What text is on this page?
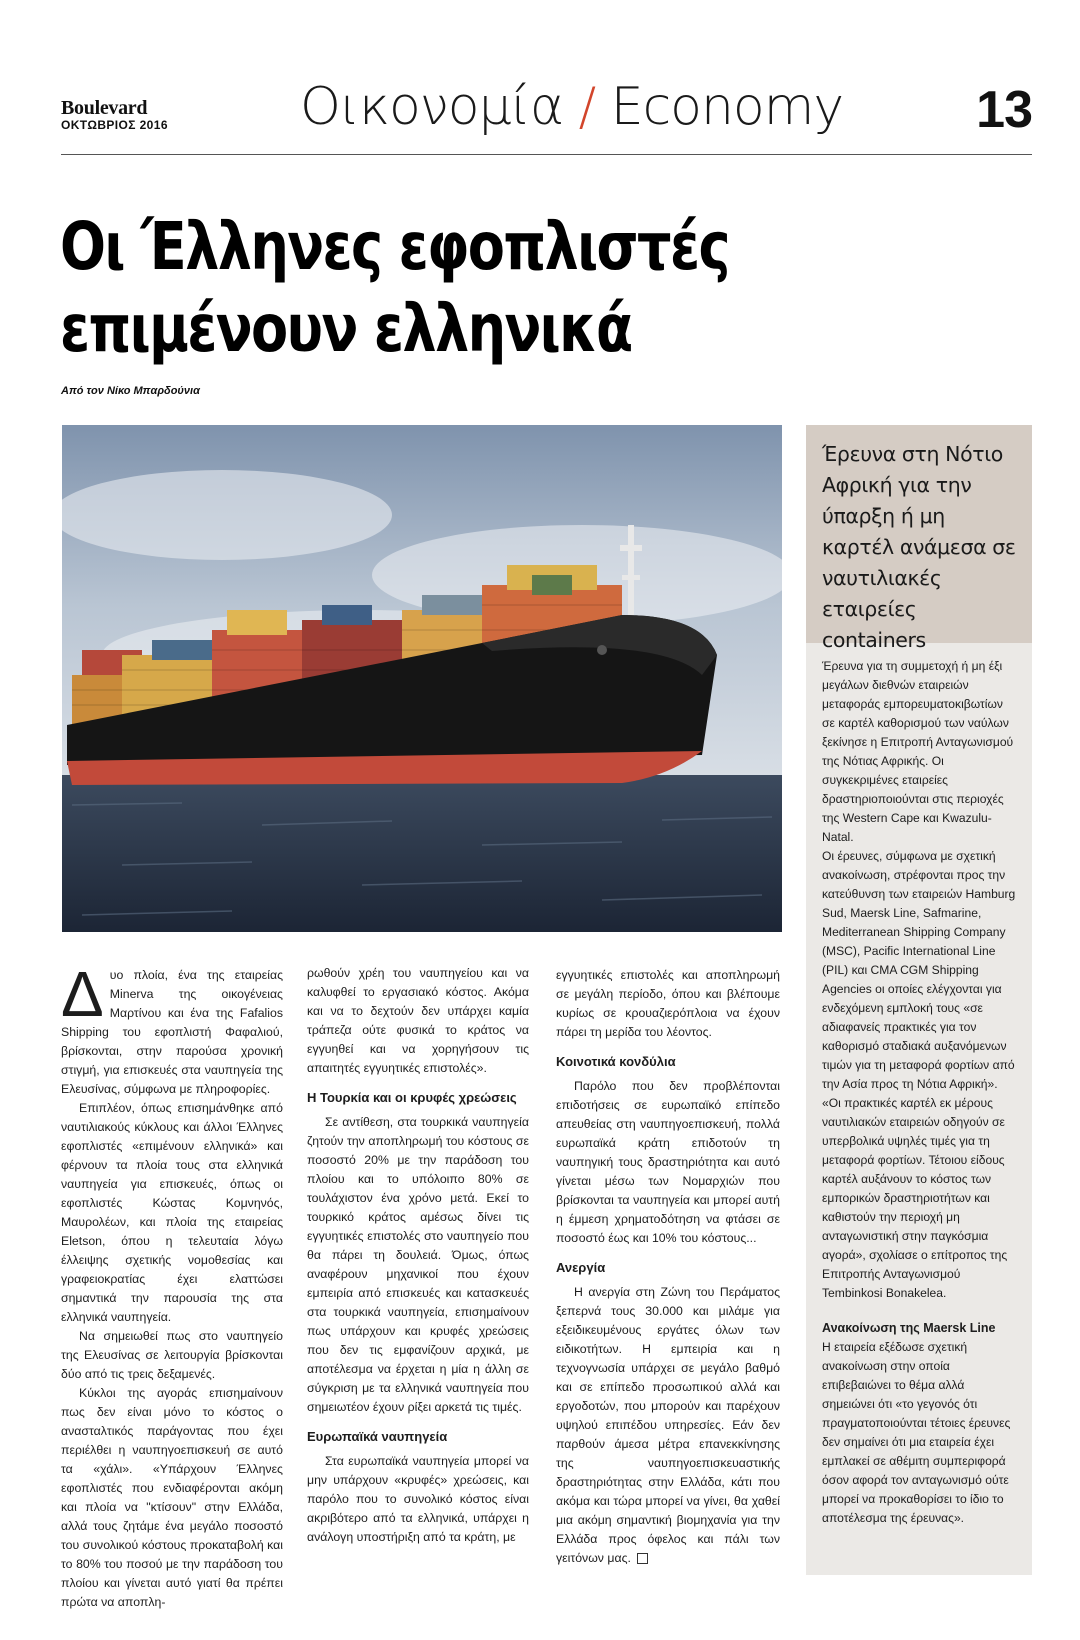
Boulevard
ΟΚΤΩΒΡΙΟΣ 2016	Οικονομία / Economy	13
Οι Έλληνες εφοπλιστές
επιμένουν ελληνικά
Από τον Νίκο Μπαρδούνια

Δυο πλοία, ένα της εταιρείας Minerva της οικογένειας Μαρτίνου και ένα της Fafalios Shipping του εφοπλιστή Φαφαλιού, βρίσκονται, στην παρούσα χρονική στιγμή, για επισκευές στα ναυπηγεία της Ελευσίνας, σύμφωνα με πληροφορίες.

Επιπλέον, όπως επισημάνθηκε από ναυτιλιακούς κύκλους και άλλοι Έλληνες εφοπλιστές «επιμένουν ελληνικά» και φέρνουν τα πλοία τους στα ελληνικά ναυπηγεία για επισκευές, όπως οι εφοπλιστές Κώστας Κομνηνός, Μαυρολέων, και πλοία της εταιρείας Eletson, όπου η τελευταία λόγω έλλειψης σχετικής νομοθεσίας και γραφειοκρατίας έχει ελαττώσει σημαντικά την παρουσία της στα ελληνικά ναυπηγεία.

Να σημειωθεί πως στο ναυπηγείο της Ελευσίνας σε λειτουργία βρίσκονται δύο από τις τρεις δεξαμενές.

Κύκλοι της αγοράς επισημαίνουν πως δεν είναι μόνο το κόστος ο ανασταλτικός παράγοντας που έχει περιέλθει η ναυπηγοεπισκευή σε αυτό τα «χάλι». «Υπάρχουν Έλληνες εφοπλιστές που ενδιαφέρονται ακόμη και πλοία να "κτίσουν" στην Ελλάδα, αλλά τους ζητάμε ένα μεγάλο ποσοστό του συνολικού κόστους προκαταβολή και το 80% του ποσού με την παράδοση του πλοίου και γίνεται αυτό γιατί θα πρέπει πρώτα να αποπλη-

ρωθούν χρέη του ναυπηγείου και να καλυφθεί το εργασιακό κόστος. Ακόμα και να το δεχτούν δεν υπάρχει καμία τράπεζα ούτε φυσικά το κράτος να εγγυηθεί και να χορηγήσουν τις απαιτητές εγγυητικές επιστολές».

Η Τουρκία και οι κρυφές χρεώσεις

Σε αντίθεση, στα τουρκικά ναυπηγεία ζητούν την αποπληρωμή του κόστους σε ποσοστό 20% με την παράδοση του πλοίου και το υπόλοιπο 80% σε τουλάχιστον ένα χρόνο μετά. Εκεί το τουρκικό κράτος αμέσως δίνει τις εγγυητικές επιστολές στο ναυπηγείο που θα πάρει τη δουλειά. Όμως, όπως αναφέρουν μηχανικοί που έχουν εμπειρία από επισκευές και κατασκευές στα τουρκικά ναυπηγεία, επισημαίνουν πως υπάρχουν και κρυφές χρεώσεις που δεν τις εμφανίζουν αρχικά, με αποτέλεσμα να έρχεται η μία η άλλη σε σύγκριση με τα ελληνικά ναυπηγεία που σημειωτέον έχουν ρίξει αρκετά τις τιμές.

Ευρωπαϊκά ναυπηγεία

Στα ευρωπαϊκά ναυπηγεία μπορεί να μην υπάρχουν «κρυφές» χρεώσεις, και παρόλο που το συνολικό κόστος είναι ακριβότερο από τα ελληνικά, υπάρχει η ανάλογη υποστήριξη από τα κράτη, με

εγγυητικές επιστολές και αποπληρωμή σε μεγάλη περίοδο, όπου και βλέπουμε κυρίως σε κρουαζιερόπλοια να έχουν πάρει τη μερίδα του λέοντος.

Κοινοτικά κονδύλια

Παρόλο που δεν προβλέπονται επιδοτήσεις σε ευρωπαϊκό επίπεδο απευθείας στη ναυπηγοεπισκευή, πολλά ευρωπαϊκά κράτη επιδοτούν τη ναυπηγική τους δραστηριότητα και αυτό γίνεται μέσω των Νομαρχιών που βρίσκονται τα ναυπηγεία και μπορεί αυτή η έμμεση χρηματοδότηση να φτάσει σε ποσοστό έως και 10% του κόστους...

Ανεργία

Η ανεργία στη Ζώνη του Περάματος ξεπερνά τους 30.000 και μιλάμε για εξειδικευμένους εργάτες όλων των ειδικοτήτων. Η εμπειρία και η τεχνογνωσία υπάρχει σε μεγάλο βαθμό και σε επίπεδο προσωπικού αλλά και εργοδοτών, που μπορούν και παρέχουν υψηλού επιπέδου υπηρεσίες. Εάν δεν παρθούν άμεσα μέτρα επανεκκίνησης της ναυπηγοεπισκευαστικής δραστηριότητας στην Ελλάδα, κάτι που ακόμα και τώρα μπορεί να γίνει, θα χαθεί μια ακόμη σημαντική βιομηχανία για την Ελλάδα προς όφελος και πάλι των γειτόνων μας.

Έρευνα στη Νότιο Αφρική για την ύπαρξη ή μη καρτέλ ανάμεσα σε ναυτιλιακές εταιρείες containers

Έρευνα για τη συμμετοχή ή μη έξι μεγάλων διεθνών εταιρειών μεταφοράς εμπορευματοκιβωτίων σε καρτέλ καθορισμού των ναύλων ξεκίνησε η Επιτροπή Ανταγωνισμού της Νότιας Αφρικής. Οι συγκεκριμένες εταιρείες δραστηριοποιούνται στις περιοχές της Western Cape και Kwazulu-Natal.

Οι έρευνες, σύμφωνα με σχετική ανακοίνωση, στρέφονται προς την κατεύθυνση των εταιρειών Hamburg Sud, Maersk Line, Safmarine, Mediterranean Shipping Company (MSC), Pacific International Line (PIL) και CMA CGM Shipping Agencies οι οποίες ελέγχονται για ενδεχόμενη εμπλοκή τους «σε αδιαφανείς πρακτικές για τον καθορισμό σταδιακά αυξανόμενων τιμών για τη μεταφορά φορτίων από την Ασία προς τη Νότια Αφρική».

«Οι πρακτικές καρτέλ εκ μέρους ναυτιλιακών εταιρειών οδηγούν σε υπερβολικά υψηλές τιμές για τη μεταφορά φορτίων. Τέτοιου είδους καρτέλ αυξάνουν το κόστος των εμπορικών δραστηριοτήτων και καθιστούν την περιοχή μη ανταγωνιστική στην παγκόσμια αγορά», σχολίασε ο επίτροπος της Επιτροπής Ανταγωνισμού Tembinkosi Bonakelea.

Ανακοίνωση της Maersk Line

Η εταιρεία εξέδωσε σχετική ανακοίνωση στην οποία επιβεβαιώνει το θέμα αλλά σημειώνει ότι «το γεγονός ότι πραγματοποιούνται τέτοιες έρευνες δεν σημαίνει ότι μια εταιρεία έχει εμπλακεί σε αθέμιτη συμπεριφορά όσον αφορά τον ανταγωνισμό ούτε μπορεί να προκαθορίσει το ίδιο το αποτέλεσμα της έρευνας».
